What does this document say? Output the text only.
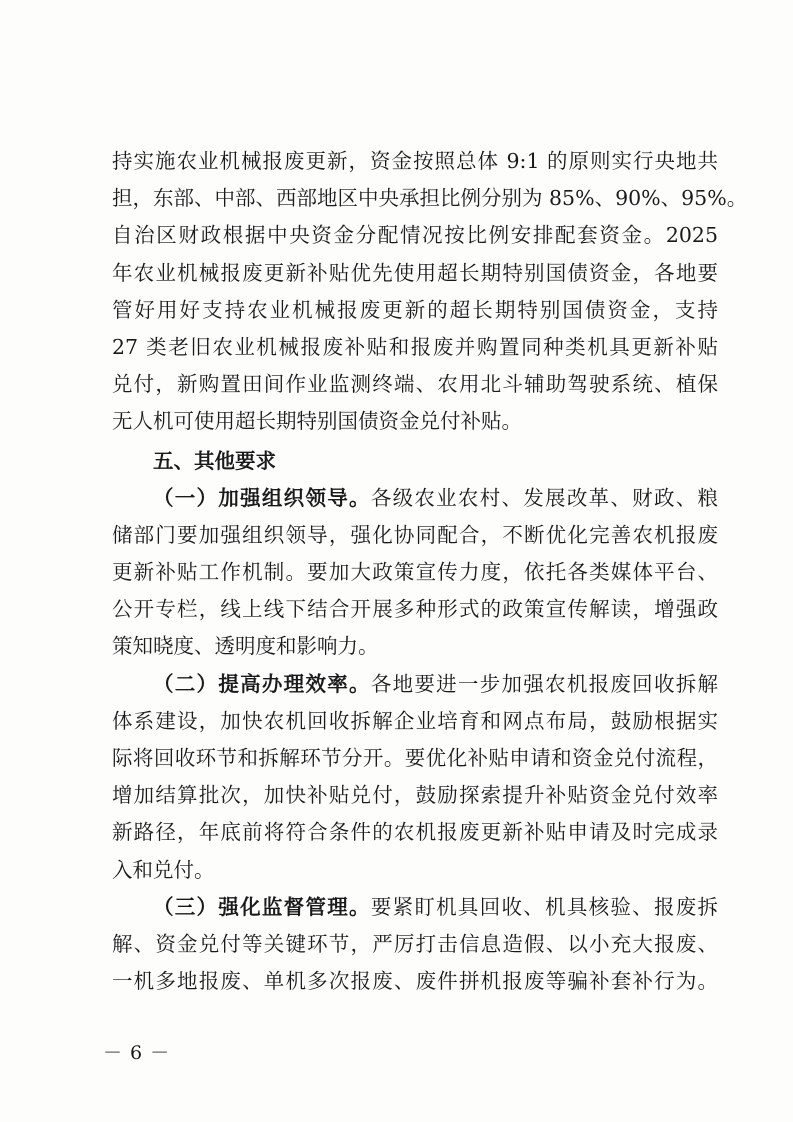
持实施农业机械报废更新，资金按照总体 9:1 的原则实行央地共
担，东部、中部、西部地区中央承担比例分别为 85%、90%、95%。
自治区财政根据中央资金分配情况按比例安排配套资金。2025
年农业机械报废更新补贴优先使用超长期特别国债资金，各地要
管好用好支持农业机械报废更新的超长期特别国债资金，支持
27 类老旧农业机械报废补贴和报废并购置同种类机具更新补贴
兑付，新购置田间作业监测终端、农用北斗辅助驾驶系统、植保
无人机可使用超长期特别国债资金兑付补贴。
五、其他要求
（一）加强组织领导。各级农业农村、发展改革、财政、粮
储部门要加强组织领导，强化协同配合，不断优化完善农机报废
更新补贴工作机制。要加大政策宣传力度，依托各类媒体平台、
公开专栏，线上线下结合开展多种形式的政策宣传解读，增强政
策知晓度、透明度和影响力。
（二）提高办理效率。各地要进一步加强农机报废回收拆解
体系建设，加快农机回收拆解企业培育和网点布局，鼓励根据实
际将回收环节和拆解环节分开。要优化补贴申请和资金兑付流程，
增加结算批次，加快补贴兑付，鼓励探索提升补贴资金兑付效率
新路径，年底前将符合条件的农机报废更新补贴申请及时完成录
入和兑付。
（三）强化监督管理。要紧盯机具回收、机具核验、报废拆
解、资金兑付等关键环节，严厉打击信息造假、以小充大报废、
一机多地报废、单机多次报废、废件拼机报废等骗补套补行为。
－ 6 －
